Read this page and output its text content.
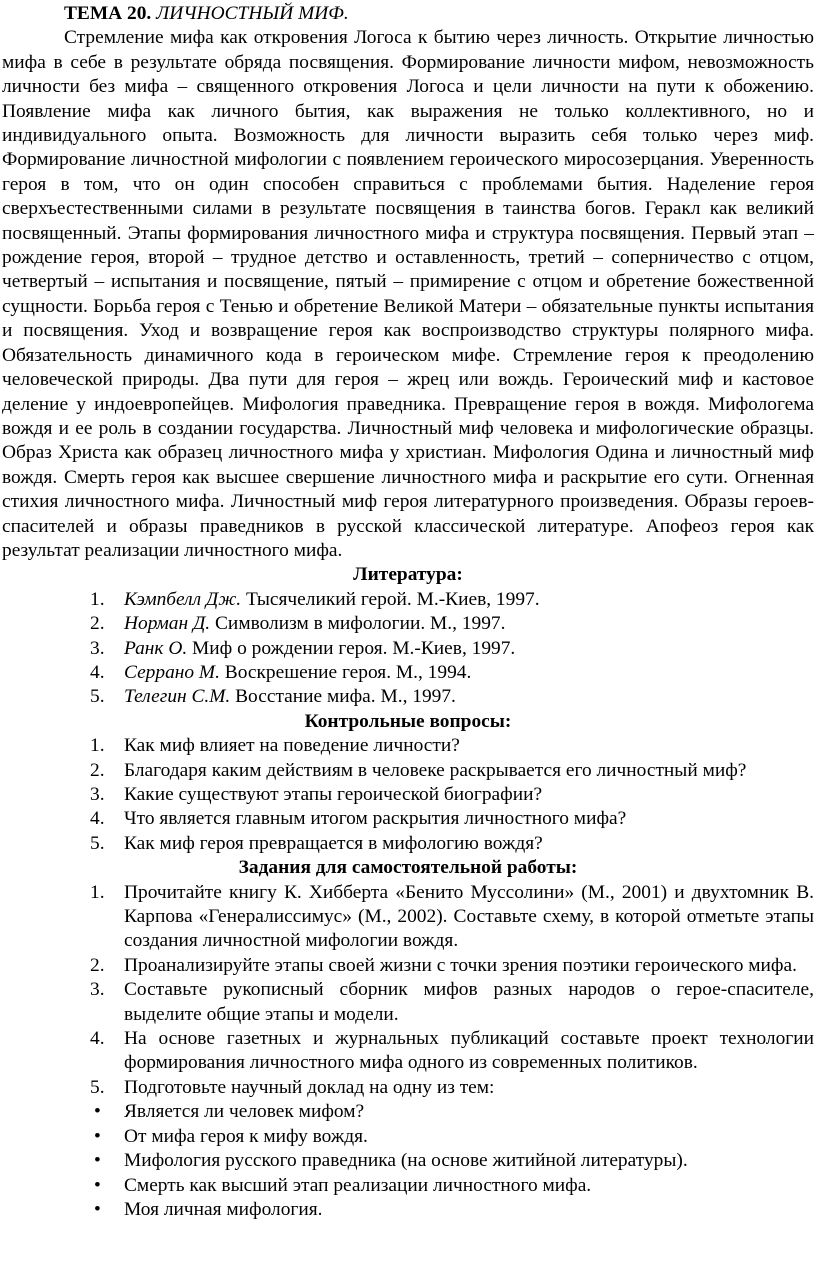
ТЕМА 20. ЛИЧНОСТНЫЙ МИФ.

Стремление мифа как откровения Логоса к бытию через личность. Открытие личностью мифа в себе в результате обряда посвящения. Формирование личности мифом, невозможность личности без мифа – священного откровения Логоса и цели личности на пути к обожению. Появление мифа как личного бытия, как выражения не только коллективного, но и индивидуального опыта. Возможность для личности выразить себя только через миф. Формирование личностной мифологии с появлением героического миросозерцания. Уверенность героя в том, что он один способен справиться с проблемами бытия. Наделение героя сверхъестественными силами в результате посвящения в таинства богов. Геракл как великий посвященный. Этапы формирования личностного мифа и структура посвящения. Первый этап – рождение героя, второй – трудное детство и оставленность, третий – соперничество с отцом, четвертый – испытания и посвящение, пятый – примирение с отцом и обретение божественной сущности. Борьба героя с Тенью и обретение Великой Матери – обязательные пункты испытания и посвящения. Уход и возвращение героя как воспроизводство структуры полярного мифа. Обязательность динамичного кода в героическом мифе. Стремление героя к преодолению человеческой природы. Два пути для героя – жрец или вождь. Героический миф и кастовое деление у индоевропейцев. Мифология праведника. Превращение героя в вождя. Мифологема вождя и ее роль в создании государства. Личностный миф человека и мифологические образцы. Образ Христа как образец личностного мифа у христиан. Мифология Одина и личностный миф вождя. Смерть героя как высшее свершение личностного мифа и раскрытие его сути. Огненная стихия личностного мифа. Личностный миф героя литературного произведения. Образы героев-спасителей и образы праведников в русской классической литературе. Апофеоз героя как результат реализации личностного мифа.

Литература:

1. Кэмпбелл Дж. Тысячеликий герой. М.-Киев, 1997.
2. Норман Д. Символизм в мифологии. М., 1997.
3. Ранк О. Миф о рождении героя. М.-Киев, 1997.
4. Серрано М. Воскрешение героя. М., 1994.
5. Телегин С.М. Восстание мифа. М., 1997.

Контрольные вопросы:

1. Как миф влияет на поведение личности?
2. Благодаря каким действиям в человеке раскрывается его личностный миф?
3. Какие существуют этапы героической биографии?
4. Что является главным итогом раскрытия личностного мифа?
5. Как миф героя превращается в мифологию вождя?

Задания для самостоятельной работы:

1. Прочитайте книгу К. Хибберта «Бенито Муссолини» (М., 2001) и двухтомник В. Карпова «Генералиссимус» (М., 2002). Составьте схему, в которой отметьте этапы создания личностной мифологии вождя.
2. Проанализируйте этапы своей жизни с точки зрения поэтики героического мифа.
3. Составьте рукописный сборник мифов разных народов о герое-спасителе, выделите общие этапы и модели.
4. На основе газетных и журнальных публикаций составьте проект технологии формирования личностного мифа одного из современных политиков.
5. Подготовьте научный доклад на одну из тем:
• Является ли человек мифом?
• От мифа героя к мифу вождя.
• Мифология русского праведника (на основе житийной литературы).
• Смерть как высший этап реализации личностного мифа.
• Моя личная мифология.
